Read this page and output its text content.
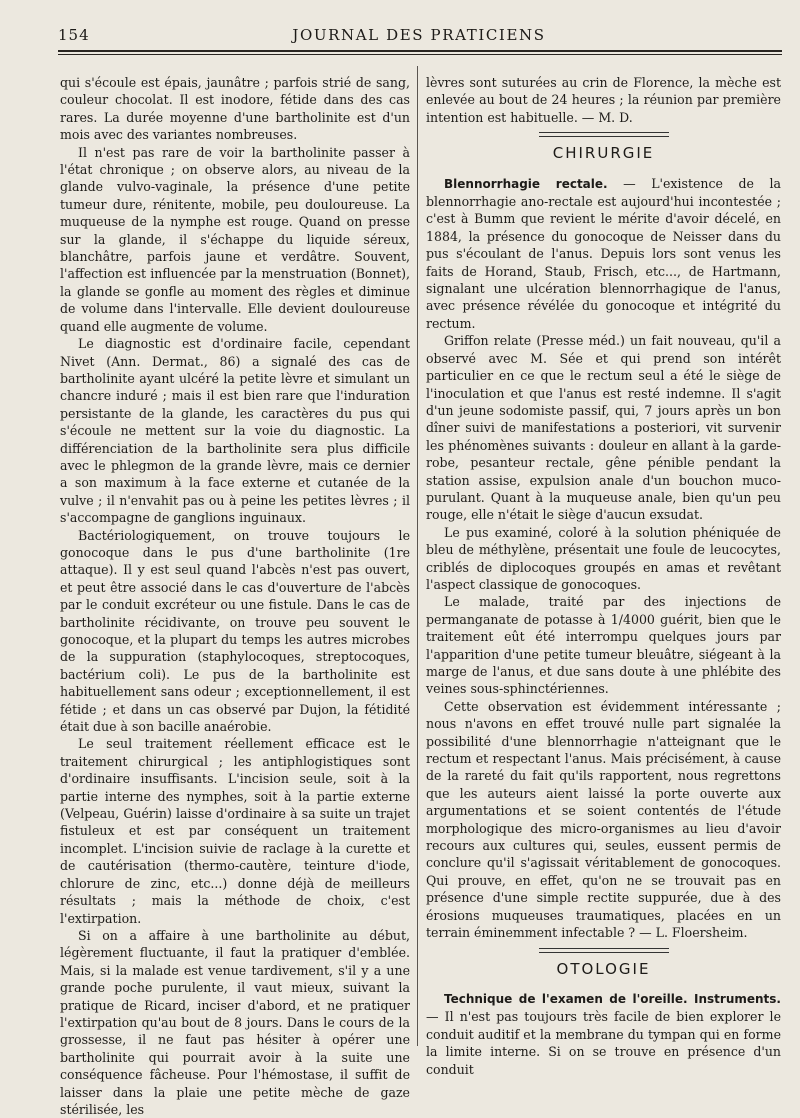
154	JOURNAL DES PRATICIENS

qui s'écoule est épais, jaunâtre ; parfois strié de sang, couleur chocolat. Il est inodore, fétide dans des cas rares. La durée moyenne d'une bartholinite est d'un mois avec des variantes nombreuses.

Il n'est pas rare de voir la bartholinite passer à l'état chronique ; on observe alors, au niveau de la glande vulvo-vaginale, la présence d'une petite tumeur dure, rénitente, mobile, peu douloureuse. La muqueuse de la nymphe est rouge. Quand on presse sur la glande, il s'échappe du liquide séreux, blanchâtre, parfois jaune et verdâtre. Souvent, l'affection est influencée par la menstruation (Bonnet), la glande se gonfle au moment des règles et diminue de volume dans l'intervalle. Elle devient douloureuse quand elle augmente de volume.

Le diagnostic est d'ordinaire facile, cependant Nivet (Ann. Dermat., 86) a signalé des cas de bartholinite ayant ulcéré la petite lèvre et simulant un chancre induré ; mais il est bien rare que l'induration persistante de la glande, les caractères du pus qui s'écoule ne mettent sur la voie du diagnostic. La différenciation de la bartholinite sera plus difficile avec le phlegmon de la grande lèvre, mais ce dernier a son maximum à la face externe et cutanée de la vulve ; il n'envahit pas ou à peine les petites lèvres ; il s'accompagne de ganglions inguinaux.

Bactériologiquement, on trouve toujours le gonocoque dans le pus d'une bartholinite (1re attaque). Il y est seul quand l'abcès n'est pas ouvert, et peut être associé dans le cas d'ouverture de l'abcès par le conduit excréteur ou une fistule. Dans le cas de bartholinite récidivante, on trouve peu souvent le gonocoque, et la plupart du temps les autres microbes de la suppuration (staphylocoques, streptocoques, bactérium coli). Le pus de la bartholinite est habituellement sans odeur ; exceptionnellement, il est fétide ; et dans un cas observé par Dujon, la fétidité était due à son bacille anaérobie.

Le seul traitement réellement efficace est le traitement chirurgical ; les antiphlogistiques sont d'ordinaire insuffisants. L'incision seule, soit à la partie interne des nymphes, soit à la partie externe (Velpeau, Guérin) laisse d'ordinaire à sa suite un trajet fistuleux et est par conséquent un traitement incomplet. L'incision suivie de raclage à la curette et de cautérisation (thermo-cautère, teinture d'iode, chlorure de zinc, etc...) donne déjà de meilleurs résultats ; mais la méthode de choix, c'est l'extirpation.

Si on a affaire à une bartholinite au début, légèrement fluctuante, il faut la pratiquer d'emblée. Mais, si la malade est venue tardivement, s'il y a une grande poche purulente, il vaut mieux, suivant la pratique de Ricard, inciser d'abord, et ne pratiquer l'extirpation qu'au bout de 8 jours. Dans le cours de la grossesse, il ne faut pas hésiter à opérer une bartholinite qui pourrait avoir à la suite une conséquence fâcheuse. Pour l'hémostase, il suffit de laisser dans la plaie une petite mèche de gaze stérilisée, les

lèvres sont suturées au crin de Florence, la mèche est enlevée au bout de 24 heures ; la réunion par première intention est habituelle. — M. D.

CHIRURGIE

Blennorrhagie rectale. — L'existence de la blennorrhagie ano-rectale est aujourd'hui incontestée ; c'est à Bumm que revient le mérite d'avoir décelé, en 1884, la présence du gonocoque de Neisser dans du pus s'écoulant de l'anus. Depuis lors sont venus les faits de Horand, Staub, Frisch, etc..., de Hartmann, signalant une ulcération blennorrhagique de l'anus, avec présence révélée du gonocoque et intégrité du rectum.

Griffon relate (Presse méd.) un fait nouveau, qu'il a observé avec M. Sée et qui prend son intérêt particulier en ce que le rectum seul a été le siège de l'inoculation et que l'anus est resté indemne. Il s'agit d'un jeune sodomiste passif, qui, 7 jours après un bon dîner suivi de manifestations a posteriori, vit survenir les phénomènes suivants : douleur en allant à la garde-robe, pesanteur rectale, gêne pénible pendant la station assise, expulsion anale d'un bouchon muco-purulant. Quant à la muqueuse anale, bien qu'un peu rouge, elle n'était le siège d'aucun exsudat.

Le pus examiné, coloré à la solution phéniquée de bleu de méthylène, présentait une foule de leucocytes, criblés de diplocoques groupés en amas et revêtant l'aspect classique de gonocoques.

Le malade, traité par des injections de permanganate de potasse à 1/4000 guérit, bien que le traitement eût été interrompu quelques jours par l'apparition d'une petite tumeur bleuâtre, siégeant à la marge de l'anus, et due sans doute à une phlébite des veines sous-sphinctériennes.

Cette observation est évidemment intéressante ; nous n'avons en effet trouvé nulle part signalée la possibilité d'une blennorrhagie n'atteignant que le rectum et respectant l'anus. Mais précisément, à cause de la rareté du fait qu'ils rapportent, nous regrettons que les auteurs aient laissé la porte ouverte aux argumentations et se soient contentés de l'étude morphologique des micro-organismes au lieu d'avoir recours aux cultures qui, seules, eussent permis de conclure qu'il s'agissait véritablement de gonocoques. Qui prouve, en effet, qu'on ne se trouvait pas en présence d'une simple rectite suppurée, due à des érosions muqueuses traumatiques, placées en un terrain éminemment infectable ? — L. Floersheim.

OTOLOGIE

Technique de l'examen de l'oreille. Instruments. — Il n'est pas toujours très facile de bien explorer le conduit auditif et la membrane du tympan qui en forme la limite interne. Si on se trouve en présence d'un conduit
